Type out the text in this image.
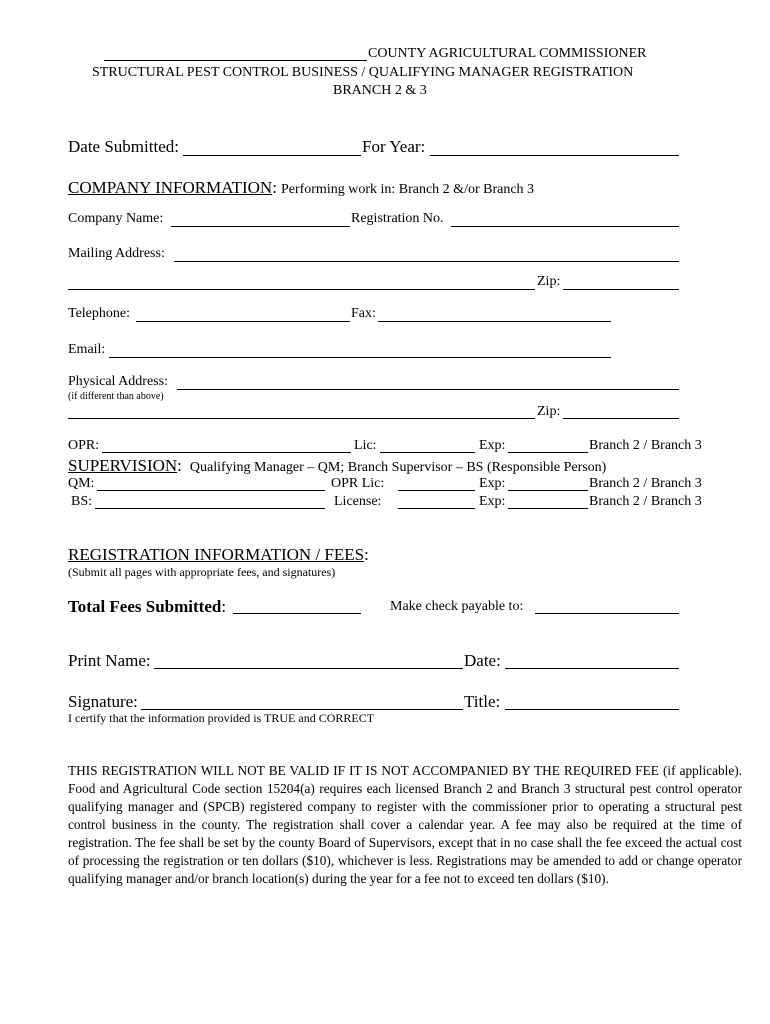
COUNTY AGRICULTURAL COMMISSIONER
STRUCTURAL PEST CONTROL BUSINESS / QUALIFYING MANAGER REGISTRATION
BRANCH 2 & 3
Date Submitted:	For Year:
COMPANY INFORMATION: Performing work in: Branch 2 &/or Branch 3
Company Name:	Registration No.
Mailing Address:
Zip:
Telephone:	Fax:
Email:
Physical Address:
(if different than above)
Zip:
OPR:	Lic:	Exp:	Branch 2 / Branch 3
SUPERVISION: Qualifying Manager – QM; Branch Supervisor – BS (Responsible Person)
QM:	OPR Lic:	Exp:	Branch 2 / Branch 3
BS:	License:	Exp:	Branch 2 / Branch 3
REGISTRATION INFORMATION / FEES:
(Submit all pages with appropriate fees, and signatures)
Total Fees Submitted:	Make check payable to:
Print Name:	Date:
Signature:	Title:
I certify that the information provided is TRUE and CORRECT
THIS REGISTRATION WILL NOT BE VALID IF IT IS NOT ACCOMPANIED BY THE REQUIRED FEE (if applicable). Food and Agricultural Code section 15204(a) requires each licensed Branch 2 and Branch 3 structural pest control operator qualifying manager and (SPCB) registered company to register with the commissioner prior to operating a structural pest control business in the county. The registration shall cover a calendar year. A fee may also be required at the time of registration. The fee shall be set by the county Board of Supervisors, except that in no case shall the fee exceed the actual cost of processing the registration or ten dollars ($10), whichever is less. Registrations may be amended to add or change operator qualifying manager and/or branch location(s) during the year for a fee not to exceed ten dollars ($10).
